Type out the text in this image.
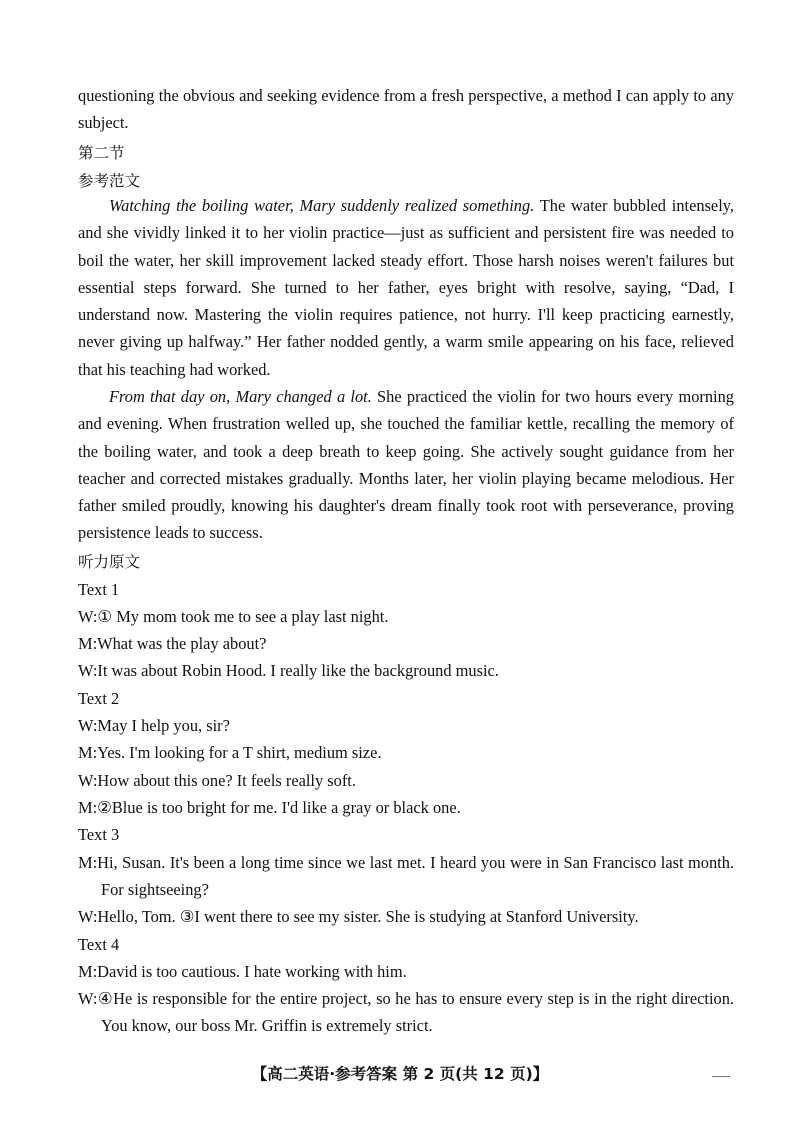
questioning the obvious and seeking evidence from a fresh perspective, a method I can apply to any subject.
第二节
参考范文
Watching the boiling water, Mary suddenly realized something. The water bubbled intensely, and she vividly linked it to her violin practice—just as sufficient and persistent fire was needed to boil the water, her skill improvement lacked steady effort. Those harsh noises weren't failures but essential steps forward. She turned to her father, eyes bright with resolve, saying, “Dad, I understand now. Mastering the violin requires patience, not hurry. I'll keep practicing earnestly, never giving up halfway.” Her father nodded gently, a warm smile appearing on his face, relieved that his teaching had worked.
From that day on, Mary changed a lot. She practiced the violin for two hours every morning and evening. When frustration welled up, she touched the familiar kettle, recalling the memory of the boiling water, and took a deep breath to keep going. She actively sought guidance from her teacher and corrected mistakes gradually. Months later, her violin playing became melodious. Her father smiled proudly, knowing his daughter's dream finally took root with perseverance, proving persistence leads to success.
听力原文
Text 1
W:① My mom took me to see a play last night.
M:What was the play about?
W:It was about Robin Hood. I really like the background music.
Text 2
W:May I help you, sir?
M:Yes. I'm looking for a T shirt, medium size.
W:How about this one? It feels really soft.
M:②Blue is too bright for me. I'd like a gray or black one.
Text 3
M:Hi, Susan. It's been a long time since we last met. I heard you were in San Francisco last month. For sightseeing?
W:Hello, Tom. ③I went there to see my sister. She is studying at Stanford University.
Text 4
M:David is too cautious. I hate working with him.
W:④He is responsible for the entire project, so he has to ensure every step is in the right direction. You know, our boss Mr. Griffin is extremely strict.
【高二英语·参考答案 第 2 页(共 12 页)】
